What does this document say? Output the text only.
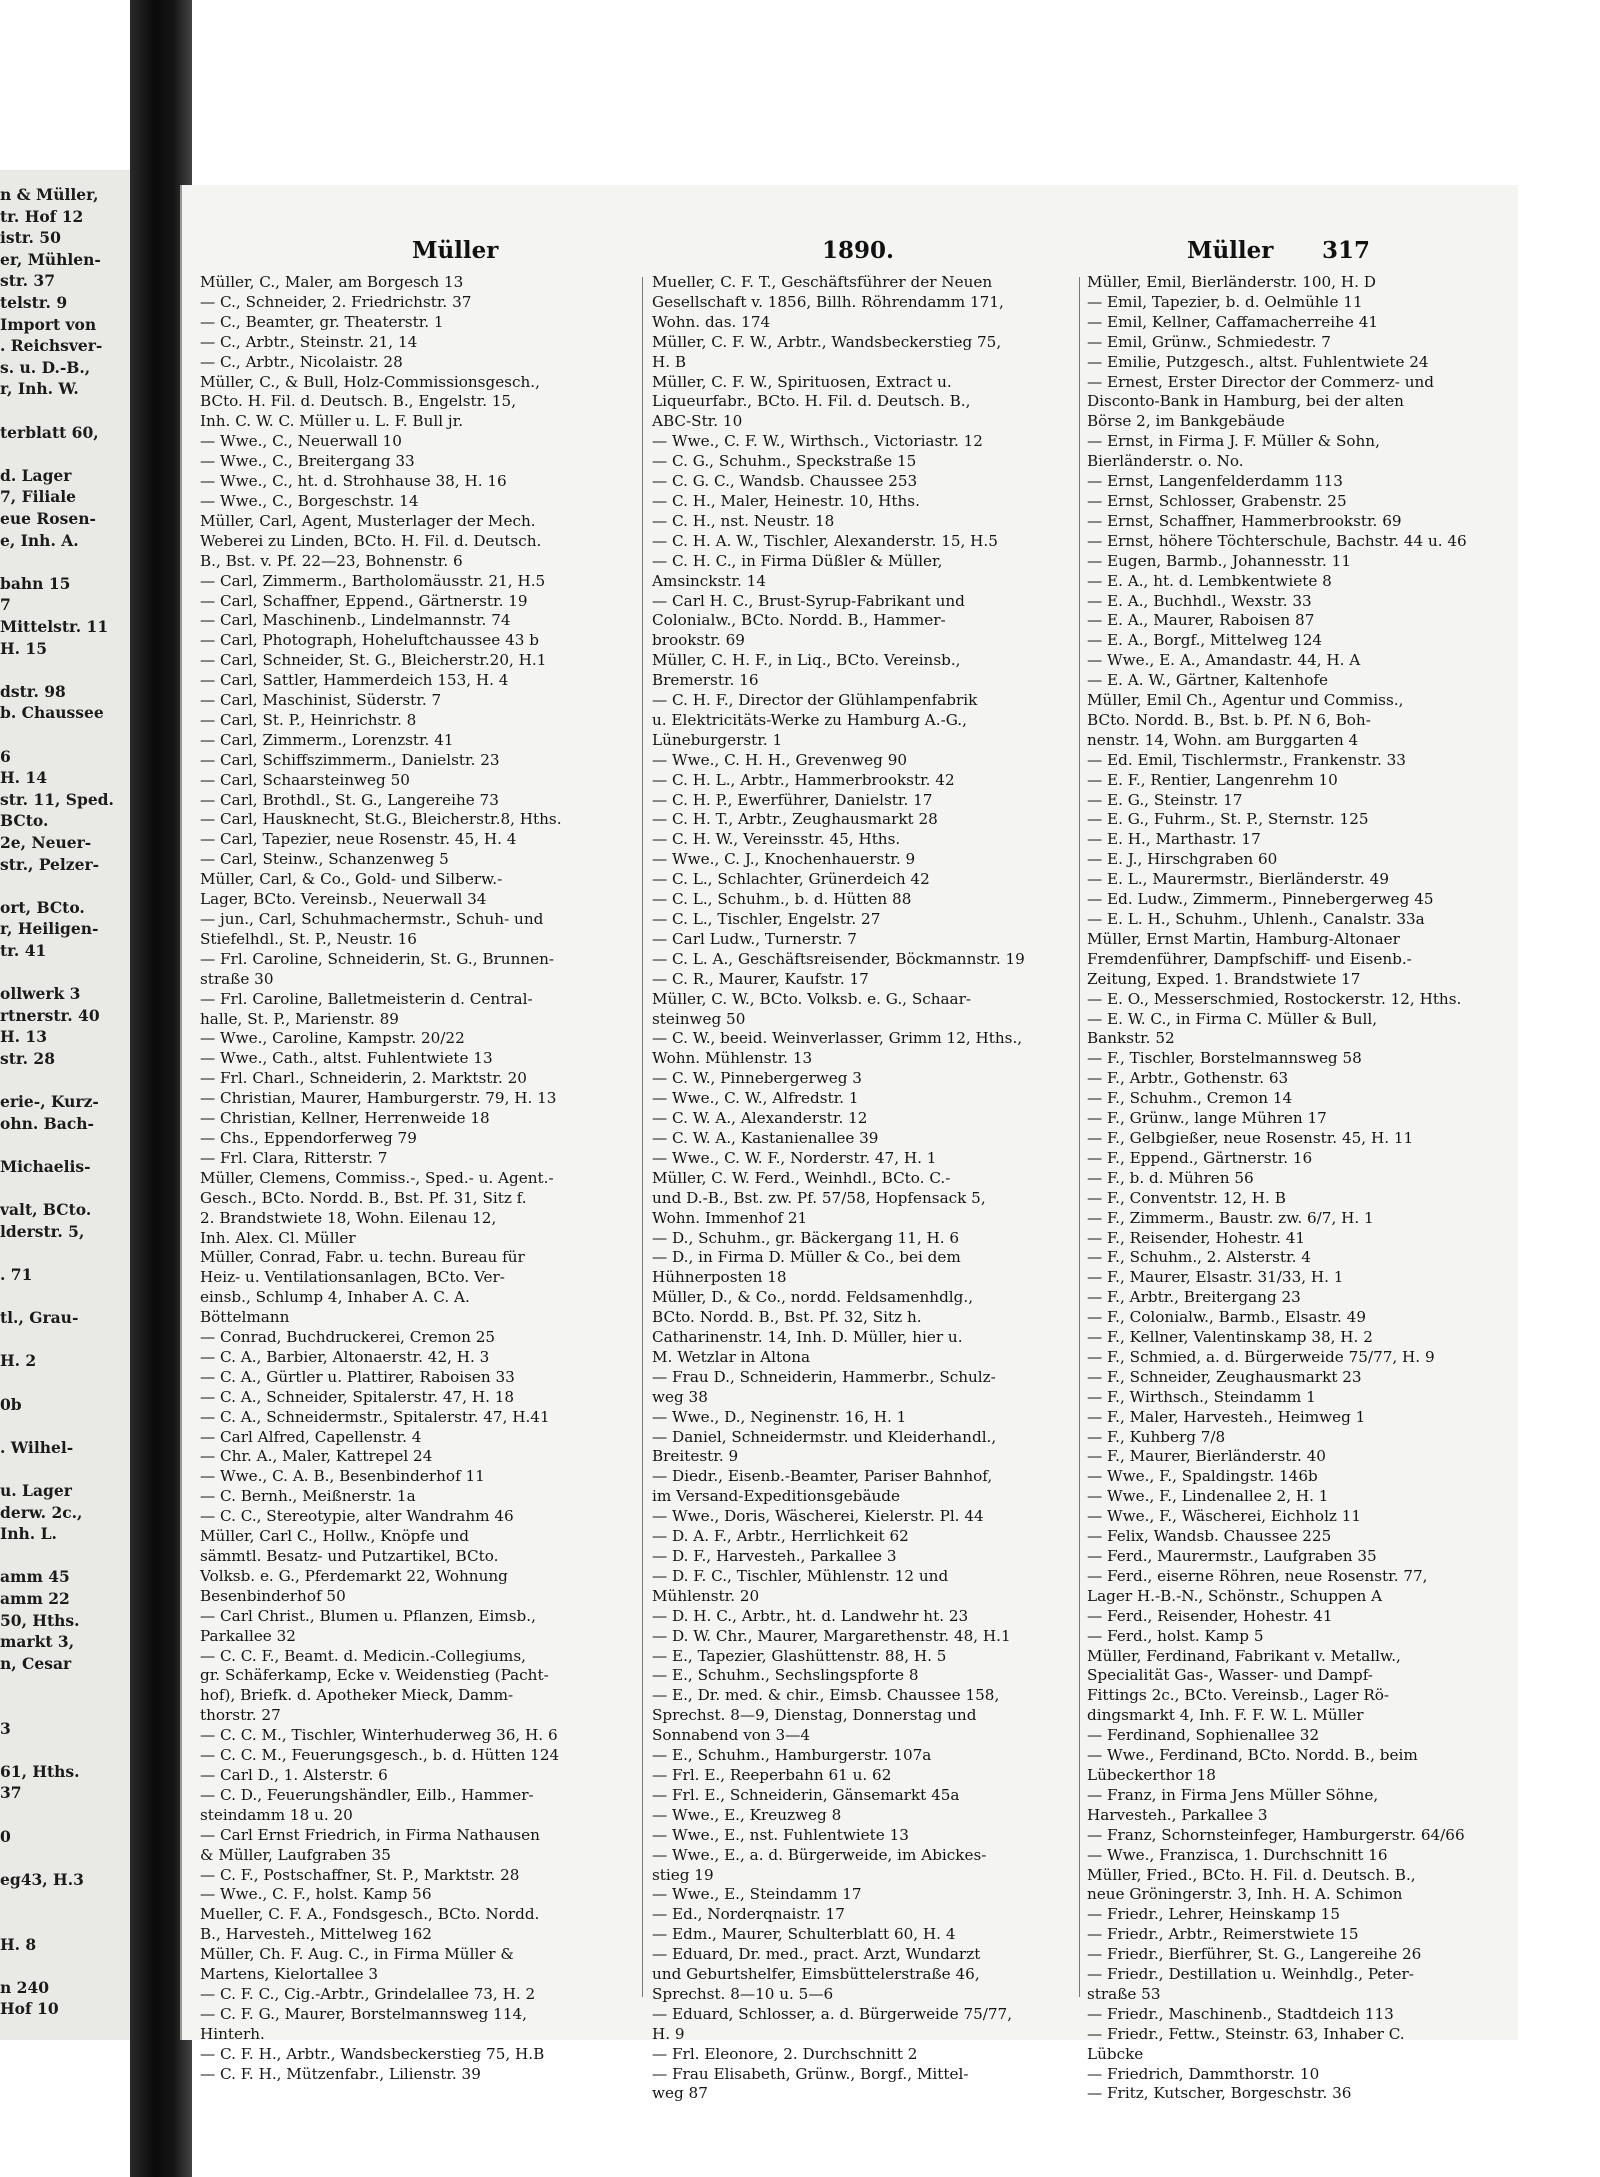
n & Müller,
tr. Hof 12
istr. 50
er, Mühlen-
str. 37
telstr. 9
Import von
. Reichsver-
s. u. D.-B.,
r, Inh. W.
terblatt 60,
d. Lager
7, Filiale
eue Rosen-
e, Inh. A.
bahn 15
7
Mittelstr. 11
H. 15
dstr. 98
b. Chaussee
6
H. 14
str. 11, Sped.
BCto.
2e, Neuer-
str., Pelzer-
ort, BCto.
r, Heiligen-
tr. 41
ollwerk 3
rtnerstr. 40
H. 13
str. 28
erie-, Kurz-
ohn. Bach-
Michaelis-
valt, BCto.
lderstr. 5,
. 71
tl., Grau-
H. 2
0b
. Wilhel-
u. Lager
derw. 2c.,
Inh. L.
amm 45
amm 22
50, Hths.
markt 3,
n, Cesar
3
61, Hths.
37
0
eg43, H.3
H. 8
n 240
Hof 10
Müller	1890.	Müller 317
Müller, C., Maler, am Borgesch 13
— C., Schneider, 2. Friedrichstr. 37
— C., Beamter, gr. Theaterstr. 1
— C., Arbtr., Steinstr. 21, 14
— C., Arbtr., Nicolaistr. 28
Müller, C., & Bull, Holz-Commissionsgesch.,
BCto. H. Fil. d. Deutsch. B., Engelstr. 15,
Inh. C. W. C. Müller u. L. F. Bull jr.
— Wwe., C., Neuerwall 10
— Wwe., C., Breitergang 33
— Wwe., C., ht. d. Strohhause 38, H. 16
— Wwe., C., Borgeschstr. 14
Müller, Carl, Agent, Musterlager der Mech.
Weberei zu Linden, BCto. H. Fil. d. Deutsch.
B., Bst. v. Pf. 22—23, Bohnenstr. 6
— Carl, Zimmerm., Bartholomäusstr. 21, H.5
— Carl, Schaffner, Eppend., Gärtnerstr. 19
— Carl, Maschinenb., Lindelmannstr. 74
— Carl, Photograph, Hoheluftchaussee 43 b
— Carl, Schneider, St. G., Bleicherstr.20, H.1
— Carl, Sattler, Hammerdeich 153, H. 4
— Carl, Maschinist, Süderstr. 7
— Carl, St. P., Heinrichstr. 8
— Carl, Zimmerm., Lorenzstr. 41
— Carl, Schiffszimmerm., Danielstr. 23
— Carl, Schaarsteinweg 50
— Carl, Brothdl., St. G., Langereihe 73
— Carl, Hausknecht, St.G., Bleicherstr.8, Hths.
— Carl, Tapezier, neue Rosenstr. 45, H. 4
— Carl, Steinw., Schanzenweg 5
Müller, Carl, & Co., Gold- und Silberw.-
Lager, BCto. Vereinsb., Neuerwall 34
— jun., Carl, Schuhmachermstr., Schuh- und
Stiefelhdl., St. P., Neustr. 16
— Frl. Caroline, Schneiderin, St. G., Brunnen-
straße 30
— Frl. Caroline, Balletmeisterin d. Central-
halle, St. P., Marienstr. 89
— Wwe., Caroline, Kampstr. 20/22
— Wwe., Cath., altst. Fuhlentwiete 13
— Frl. Charl., Schneiderin, 2. Marktstr. 20
— Christian, Maurer, Hamburgerstr. 79, H. 13
— Christian, Kellner, Herrenweide 18
— Chs., Eppendorferweg 79
— Frl. Clara, Ritterstr. 7
Müller, Clemens, Commiss.-, Sped.- u. Agent.-
Gesch., BCto. Nordd. B., Bst. Pf. 31, Sitz f.
2. Brandstwiete 18, Wohn. Eilenau 12,
Inh. Alex. Cl. Müller
Müller, Conrad, Fabr. u. techn. Bureau für
Heiz- u. Ventilationsanlagen, BCto. Ver-
einsb., Schlump 4, Inhaber A. C. A.
Böttelmann
— Conrad, Buchdruckerei, Cremon 25
— C. A., Barbier, Altonaerstr. 42, H. 3
— C. A., Gürtler u. Plattirer, Raboisen 33
— C. A., Schneider, Spitalerstr. 47, H. 18
— C. A., Schneidermstr., Spitalerstr. 47, H.41
— Carl Alfred, Capellenstr. 4
— Chr. A., Maler, Kattrepel 24
— Wwe., C. A. B., Besenbinderhof 11
— C. Bernh., Meißnerstr. 1a
— C. C., Stereotypie, alter Wandrahm 46
Müller, Carl C., Hollw., Knöpfe und
sämmtl. Besatz- und Putzartikel, BCto.
Volksb. e. G., Pferdemarkt 22, Wohnung
Besenbinderhof 50
— Carl Christ., Blumen u. Pflanzen, Eimsb.,
Parkallee 32
— C. C. F., Beamt. d. Medicin.-Collegiums,
gr. Schäferkamp, Ecke v. Weidenstieg (Pacht-
hof), Briefk. d. Apotheker Mieck, Damm-
thorstr. 27
— C. C. M., Tischler, Winterhuderweg 36, H. 6
— C. C. M., Feuerungsgesch., b. d. Hütten 124
— Carl D., 1. Alsterstr. 6
— C. D., Feuerungshändler, Eilb., Hammer-
steindamm 18 u. 20
— Carl Ernst Friedrich, in Firma Nathausen
& Müller, Laufgraben 35
— C. F., Postschaffner, St. P., Marktstr. 28
— Wwe., C. F., holst. Kamp 56
Mueller, C. F. A., Fondsgesch., BCto. Nordd.
B., Harvesteh., Mittelweg 162
Müller, Ch. F. Aug. C., in Firma Müller &
Martens, Kielortallee 3
— C. F. C., Cig.-Arbtr., Grindelallee 73, H. 2
— C. F. G., Maurer, Borstelmannsweg 114,
Hinterh.
— C. F. H., Arbtr., Wandsbeckerstieg 75, H.B
— C. F. H., Mützenfabr., Lilienstr. 39
Mueller, C. F. T., Geschäftsführer der Neuen
Gesellschaft v. 1856, Billh. Röhrendamm 171,
Wohn. das. 174
Müller, C. F. W., Arbtr., Wandsbeckerstieg 75,
H. B
Müller, C. F. W., Spirituosen, Extract u.
Liqueurfabr., BCto. H. Fil. d. Deutsch. B.,
ABC-Str. 10
— Wwe., C. F. W., Wirthsch., Victoriastr. 12
— C. G., Schuhm., Speckstraße 15
— C. G. C., Wandsb. Chaussee 253
— C. H., Maler, Heinestr. 10, Hths.
— C. H., nst. Neustr. 18
— C. H. A. W., Tischler, Alexanderstr. 15, H.5
— C. H. C., in Firma Düßler & Müller,
Amsinckstr. 14
— Carl H. C., Brust-Syrup-Fabrikant und
Colonialw., BCto. Nordd. B., Hammer-
brookstr. 69
Müller, C. H. F., in Liq., BCto. Vereinsb.,
Bremerstr. 16
— C. H. F., Director der Glühlampenfabrik
u. Elektricitäts-Werke zu Hamburg A.-G.,
Lüneburgerstr. 1
— Wwe., C. H. H., Grevenweg 90
— C. H. L., Arbtr., Hammerbrookstr. 42
— C. H. P., Ewerführer, Danielstr. 17
— C. H. T., Arbtr., Zeughausmarkt 28
— C. H. W., Vereinsstr. 45, Hths.
— Wwe., C. J., Knochenhauerstr. 9
— C. L., Schlachter, Grünerdeich 42
— C. L., Schuhm., b. d. Hütten 88
— C. L., Tischler, Engelstr. 27
— Carl Ludw., Turnerstr. 7
— C. L. A., Geschäftsreisender, Böckmannstr. 19
— C. R., Maurer, Kaufstr. 17
Müller, C. W., BCto. Volksb. e. G., Schaar-
steinweg 50
— C. W., beeid. Weinverlasser, Grimm 12, Hths.,
Wohn. Mühlenstr. 13
— C. W., Pinnebergerweg 3
— Wwe., C. W., Alfredstr. 1
— C. W. A., Alexanderstr. 12
— C. W. A., Kastanienallee 39
— Wwe., C. W. F., Norderstr. 47, H. 1
Müller, C. W. Ferd., Weinhdl., BCto. C.-
und D.-B., Bst. zw. Pf. 57/58, Hopfensack 5,
Wohn. Immenhof 21
— D., Schuhm., gr. Bäckergang 11, H. 6
— D., in Firma D. Müller & Co., bei dem
Hühnerposten 18
Müller, D., & Co., nordd. Feldsamenhdlg.,
BCto. Nordd. B., Bst. Pf. 32, Sitz h.
Catharinenstr. 14, Inh. D. Müller, hier u.
M. Wetzlar in Altona
— Frau D., Schneiderin, Hammerbr., Schulz-
weg 38
— Wwe., D., Neginenstr. 16, H. 1
— Daniel, Schneidermstr. und Kleiderhandl.,
Breitestr. 9
— Diedr., Eisenb.-Beamter, Pariser Bahnhof,
im Versand-Expeditionsgebäude
— Wwe., Doris, Wäscherei, Kielerstr. Pl. 44
— D. A. F., Arbtr., Herrlichkeit 62
— D. F., Harvesteh., Parkallee 3
— D. F. C., Tischler, Mühlenstr. 12 und
Mühlenstr. 20
— D. H. C., Arbtr., ht. d. Landwehr ht. 23
— D. W. Chr., Maurer, Margarethenstr. 48, H.1
— E., Tapezier, Glashüttenstr. 88, H. 5
— E., Schuhm., Sechslingspforte 8
— E., Dr. med. & chir., Eimsb. Chaussee 158,
Sprechst. 8—9, Dienstag, Donnerstag und
Sonnabend von 3—4
— E., Schuhm., Hamburgerstr. 107a
— Frl. E., Reeperbahn 61 u. 62
— Frl. E., Schneiderin, Gänsemarkt 45a
— Wwe., E., Kreuzweg 8
— Wwe., E., nst. Fuhlentwiete 13
— Wwe., E., a. d. Bürgerweide, im Abickes-
stieg 19
— Wwe., E., Steindamm 17
— Ed., Norderqnaistr. 17
— Edm., Maurer, Schulterblatt 60, H. 4
— Eduard, Dr. med., pract. Arzt, Wundarzt
und Geburtshelfer, Eimsbüttelerstraße 46,
Sprechst. 8—10 u. 5—6
— Eduard, Schlosser, a. d. Bürgerweide 75/77,
H. 9
— Frl. Eleonore, 2. Durchschnitt 2
— Frau Elisabeth, Grünw., Borgf., Mittel-
weg 87
Müller, Emil, Bierländerstr. 100, H. D
— Emil, Tapezier, b. d. Oelmühle 11
— Emil, Kellner, Caffamacherreihe 41
— Emil, Grünw., Schmiedestr. 7
— Emilie, Putzgesch., altst. Fuhlentwiete 24
— Ernest, Erster Director der Commerz- und
Disconto-Bank in Hamburg, bei der alten
Börse 2, im Bankgebäude
— Ernst, in Firma J. F. Müller & Sohn,
Bierländerstr. o. No.
— Ernst, Langenfelderdamm 113
— Ernst, Schlosser, Grabenstr. 25
— Ernst, Schaffner, Hammerbrookstr. 69
— Ernst, höhere Töchterschule, Bachstr. 44 u. 46
— Eugen, Barmb., Johannesstr. 11
— E. A., ht. d. Lembkentwiete 8
— E. A., Buchhdl., Wexstr. 33
— E. A., Maurer, Raboisen 87
— E. A., Borgf., Mittelweg 124
— Wwe., E. A., Amandastr. 44, H. A
— E. A. W., Gärtner, Kaltenhofe
Müller, Emil Ch., Agentur und Commiss.,
BCto. Nordd. B., Bst. b. Pf. N 6, Boh-
nenstr. 14, Wohn. am Burggarten 4
— Ed. Emil, Tischlermstr., Frankenstr. 33
— E. F., Rentier, Langenrehm 10
— E. G., Steinstr. 17
— E. G., Fuhrm., St. P., Sternstr. 125
— E. H., Marthastr. 17
— E. J., Hirschgraben 60
— E. L., Maurermstr., Bierländerstr. 49
— Ed. Ludw., Zimmerm., Pinnebergerweg 45
— E. L. H., Schuhm., Uhlenh., Canalstr. 33a
Müller, Ernst Martin, Hamburg-Altonaer
Fremdenführer, Dampfschiff- und Eisenb.-
Zeitung, Exped. 1. Brandstwiete 17
— E. O., Messerschmied, Rostockerstr. 12, Hths.
— E. W. C., in Firma C. Müller & Bull,
Bankstr. 52
— F., Tischler, Borstelmannsweg 58
— F., Arbtr., Gothenstr. 63
— F., Schuhm., Cremon 14
— F., Grünw., lange Mühren 17
— F., Gelbgießer, neue Rosenstr. 45, H. 11
— F., Eppend., Gärtnerstr. 16
— F., b. d. Mühren 56
— F., Conventstr. 12, H. B
— F., Zimmerm., Baustr. zw. 6/7, H. 1
— F., Reisender, Hohestr. 41
— F., Schuhm., 2. Alsterstr. 4
— F., Maurer, Elsastr. 31/33, H. 1
— F., Arbtr., Breitergang 23
— F., Colonialw., Barmb., Elsastr. 49
— F., Kellner, Valentinskamp 38, H. 2
— F., Schmied, a. d. Bürgerweide 75/77, H. 9
— F., Schneider, Zeughausmarkt 23
— F., Wirthsch., Steindamm 1
— F., Maler, Harvesteh., Heimweg 1
— F., Kuhberg 7/8
— F., Maurer, Bierländerstr. 40
— Wwe., F., Spaldingstr. 146b
— Wwe., F., Lindenallee 2, H. 1
— Wwe., F., Wäscherei, Eichholz 11
— Felix, Wandsb. Chaussee 225
— Ferd., Maurermstr., Laufgraben 35
— Ferd., eiserne Röhren, neue Rosenstr. 77,
Lager H.-B.-N., Schönstr., Schuppen A
— Ferd., Reisender, Hohestr. 41
— Ferd., holst. Kamp 5
Müller, Ferdinand, Fabrikant v. Metallw.,
Specialität Gas-, Wasser- und Dampf-
Fittings 2c., BCto. Vereinsb., Lager Rö-
dingsmarkt 4, Inh. F. F. W. L. Müller
— Ferdinand, Sophienallee 32
— Wwe., Ferdinand, BCto. Nordd. B., beim
Lübeckerthor 18
— Franz, in Firma Jens Müller Söhne,
Harvesteh., Parkallee 3
— Franz, Schornsteinfeger, Hamburgerstr. 64/66
— Wwe., Franzisca, 1. Durchschnitt 16
Müller, Fried., BCto. H. Fil. d. Deutsch. B.,
neue Gröningerstr. 3, Inh. H. A. Schimon
— Friedr., Lehrer, Heinskamp 15
— Friedr., Arbtr., Reimerstwiete 15
— Friedr., Bierführer, St. G., Langereihe 26
— Friedr., Destillation u. Weinhdlg., Peter-
straße 53
— Friedr., Maschinenb., Stadtdeich 113
— Friedr., Fettw., Steinstr. 63, Inhaber C.
Lübcke
— Friedrich, Dammthorstr. 10
— Fritz, Kutscher, Borgeschstr. 36
